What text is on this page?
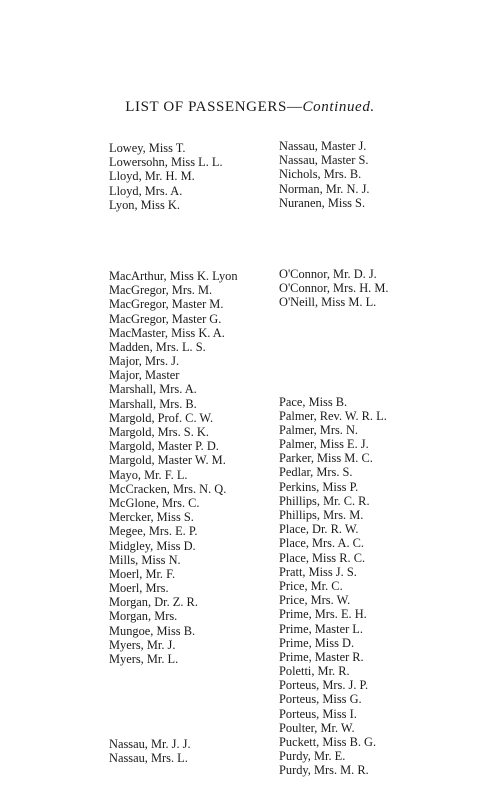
LIST OF PASSENGERS—Continued.
Lowey, Miss T.
Lowersohn, Miss L. L.
Lloyd, Mr. H. M.
Lloyd, Mrs. A.
Lyon, Miss K.
MacArthur, Miss K. Lyon
MacGregor, Mrs. M.
MacGregor, Master M.
MacGregor, Master G.
MacMaster, Miss K. A.
Madden, Mrs. L. S.
Major, Mrs. J.
Major, Master
Marshall, Mrs. A.
Marshall, Mrs. B.
Margold, Prof. C. W.
Margold, Mrs. S. K.
Margold, Master P. D.
Margold, Master W. M.
Mayo, Mr. F. L.
McCracken, Mrs. N. Q.
McGlone, Mrs. C.
Mercker, Miss S.
Megee, Mrs. E. P.
Midgley, Miss D.
Mills, Miss N.
Moerl, Mr. F.
Moerl, Mrs.
Morgan, Dr. Z. R.
Morgan, Mrs.
Mungoe, Miss B.
Myers, Mr. J.
Myers, Mr. L.
Nassau, Mr. J. J.
Nassau, Mrs. L.
Nassau, Master J.
Nassau, Master S.
Nichols, Mrs. B.
Norman, Mr. N. J.
Nuranen, Miss S.
O'Connor, Mr. D. J.
O'Connor, Mrs. H. M.
O'Neill, Miss M. L.
Pace, Miss B.
Palmer, Rev. W. R. L.
Palmer, Mrs. N.
Palmer, Miss E. J.
Parker, Miss M. C.
Pedlar, Mrs. S.
Perkins, Miss P.
Phillips, Mr. C. R.
Phillips, Mrs. M.
Place, Dr. R. W.
Place, Mrs. A. C.
Place, Miss R. C.
Pratt, Miss J. S.
Price, Mr. C.
Price, Mrs. W.
Prime, Mrs. E. H.
Prime, Master L.
Prime, Miss D.
Prime, Master R.
Poletti, Mr. R.
Porteus, Mrs. J. P.
Porteus, Miss G.
Porteus, Miss I.
Poulter, Mr. W.
Puckett, Miss B. G.
Purdy, Mr. E.
Purdy, Mrs. M. R.
